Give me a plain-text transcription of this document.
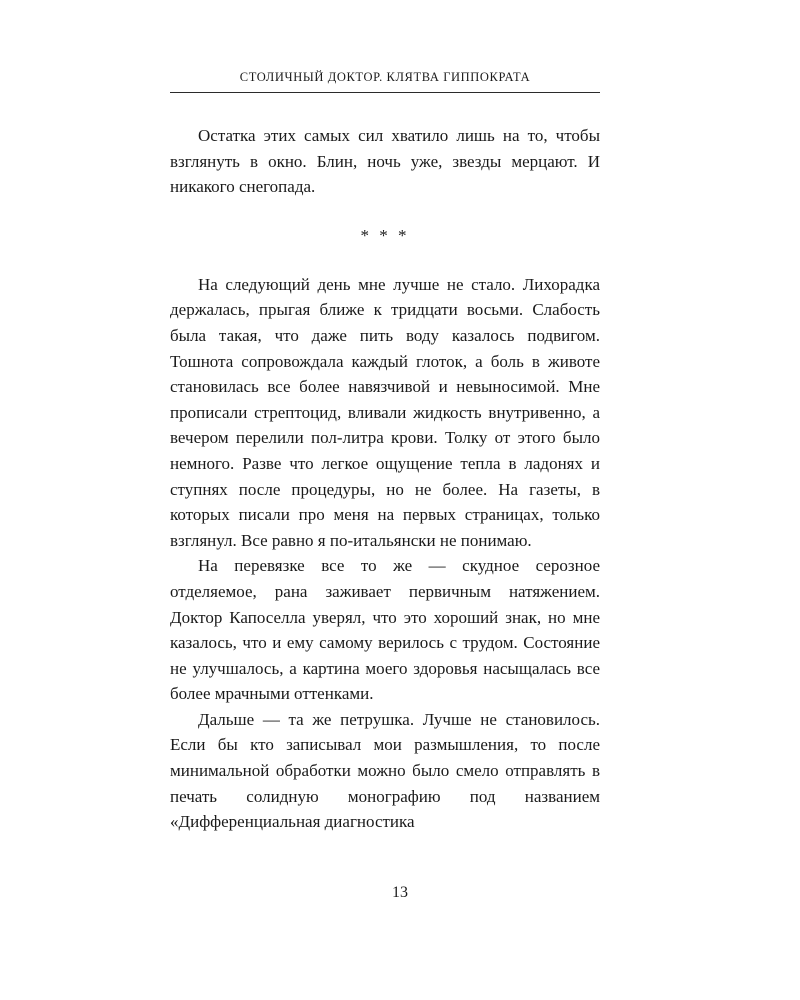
СТОЛИЧНЫЙ ДОКТОР. КЛЯТВА ГИППОКРАТА

Остатка этих самых сил хватило лишь на то, чтобы взглянуть в окно. Блин, ночь уже, звезды мерцают. И никакого снегопада.

* * *

На следующий день мне лучше не стало. Лихорадка держалась, прыгая ближе к тридцати восьми. Слабость была такая, что даже пить воду казалось подвигом. Тошнота сопровождала каждый глоток, а боль в животе становилась все более навязчивой и невыносимой. Мне прописали стрептоцид, вливали жидкость внутривенно, а вечером перелили пол-литра крови. Толку от этого было немного. Разве что легкое ощущение тепла в ладонях и ступнях после процедуры, но не более. На газеты, в которых писали про меня на первых страницах, только взглянул. Все равно я по-итальянски не понимаю.

На перевязке все то же — скудное серозное отделяемое, рана заживает первичным натяжением. Доктор Капоселла уверял, что это хороший знак, но мне казалось, что и ему самому верилось с трудом. Состояние не улучшалось, а картина моего здоровья насыщалась все более мрачными оттенками.

Дальше — та же петрушка. Лучше не становилось. Если бы кто записывал мои размышления, то после минимальной обработки можно было смело отправлять в печать солидную монографию под названием «Дифференциальная диагностика

13
